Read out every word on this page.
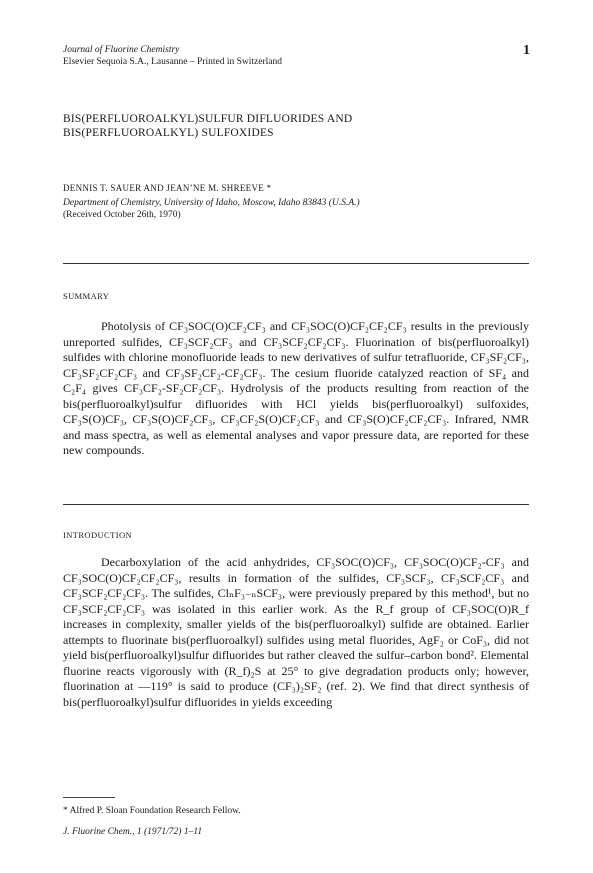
Journal of Fluorine Chemistry
Elsevier Sequoia S.A., Lausanne – Printed in Switzerland
1
BIS(PERFLUOROALKYL)SULFUR DIFLUORIDES AND
BIS(PERFLUOROALKYL) SULFOXIDES
DENNIS T. SAUER AND JEAN’NE M. SHREEVE *
Department of Chemistry, University of Idaho, Moscow, Idaho 83843 (U.S.A.)
(Received October 26th, 1970)
SUMMARY
Photolysis of CF₃SOC(O)CF₂CF₃ and CF₃SOC(O)CF₂CF₂CF₃ results in the previously unreported sulfides, CF₃SCF₂CF₃ and CF₃SCF₂CF₂CF₃. Fluorination of bis(perfluoroalkyl) sulfides with chlorine monofluoride leads to new derivatives of sulfur tetrafluoride, CF₃SF₂CF₃, CF₃SF₂CF₂CF₃ and CF₃SF₂CF₂-CF₂CF₃. The cesium fluoride catalyzed reaction of SF₄ and C₂F₄ gives CF₃CF₂-SF₂CF₂CF₃. Hydrolysis of the products resulting from reaction of the bis(perfluoroalkyl)sulfur difluorides with HCl yields bis(perfluoroalkyl) sulfoxides, CF₃S(O)CF₃, CF₃S(O)CF₂CF₃, CF₃CF₂S(O)CF₂CF₃ and CF₃S(O)CF₂CF₂CF₃. Infrared, NMR and mass spectra, as well as elemental analyses and vapor pressure data, are reported for these new compounds.
INTRODUCTION
Decarboxylation of the acid anhydrides, CF₃SOC(O)CF₃, CF₃SOC(O)CF₂-CF₃ and CF₃SOC(O)CF₂CF₂CF₃, results in formation of the sulfides, CF₃SCF₃, CF₃SCF₂CF₃ and CF₃SCF₂CF₂CF₃. The sulfides, ClₙF₃₋ₙSCF₃, were previously prepared by this method¹, but no CF₃SCF₂CF₂CF₃ was isolated in this earlier work. As the R_f group of CF₃SOC(O)R_f increases in complexity, smaller yields of the bis(perfluoroalkyl) sulfide are obtained. Earlier attempts to fluorinate bis(perfluoroalkyl) sulfides using metal fluorides, AgF₂ or CoF₃, did not yield bis(perfluoroalkyl)sulfur difluorides but rather cleaved the sulfur–carbon bond². Elemental fluorine reacts vigorously with (R_f)₂S at 25° to give degradation products only; however, fluorination at —119° is said to produce (CF₃)₂SF₂ (ref. 2). We find that direct synthesis of bis(perfluoroalkyl)sulfur difluorides in yields exceeding
* Alfred P. Sloan Foundation Research Fellow.
J. Fluorine Chem., 1 (1971/72) 1–11
